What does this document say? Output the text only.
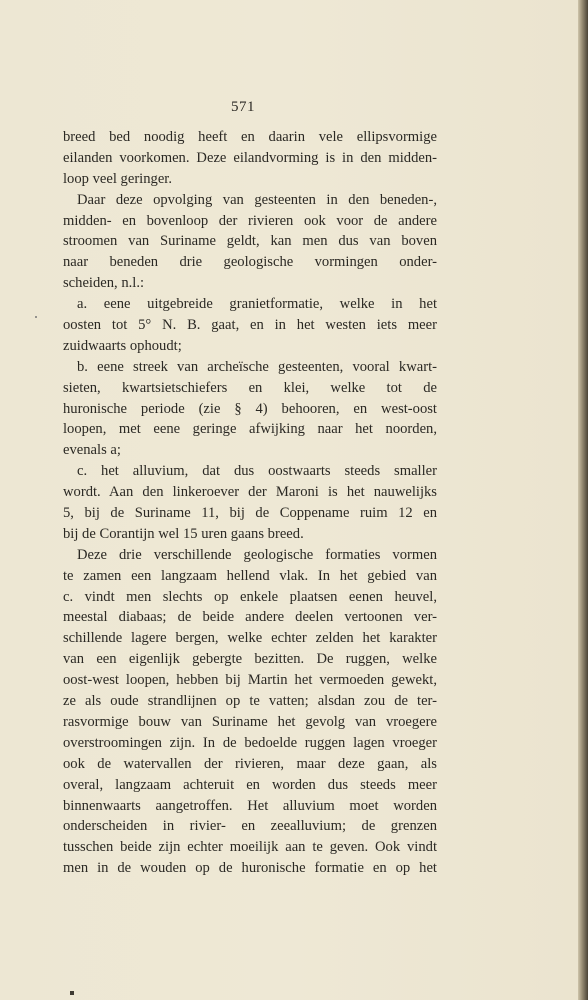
571
breed bed noodig heeft en daarin vele ellipsvormige
eilanden voorkomen. Deze eilandvorming is in den midden-
loop veel geringer.
Daar deze opvolging van gesteenten in den beneden-,
midden- en bovenloop der rivieren ook voor de andere
stroomen van Suriname geldt, kan men dus van boven
naar beneden drie geologische vormingen onder-
scheiden, n.l.:
a. eene uitgebreide granietformatie, welke in het
oosten tot 5° N. B. gaat, en in het westen iets meer
zuidwaarts ophoudt;
b. eene streek van archeïsche gesteenten, vooral kwart-
sieten, kwartsietschiefers en klei, welke tot de
huronische periode (zie § 4) behooren, en west-oost
loopen, met eene geringe afwijking naar het noorden,
evenals a;
c. het alluvium, dat dus oostwaarts steeds smaller
wordt. Aan den linkeroever der Maroni is het nauwelijks
5, bij de Suriname 11, bij de Coppename ruim 12 en
bij de Corantijn wel 15 uren gaans breed.
Deze drie verschillende geologische formaties vormen
te zamen een langzaam hellend vlak. In het gebied van
c. vindt men slechts op enkele plaatsen eenen heuvel,
meestal diabaas; de beide andere deelen vertoonen ver-
schillende lagere bergen, welke echter zelden het karakter
van een eigenlijk gebergte bezitten. De ruggen, welke
oost-west loopen, hebben bij Martin het vermoeden gewekt,
ze als oude strandlijnen op te vatten; alsdan zou de ter-
rasvormige bouw van Suriname het gevolg van vroegere
overstroomingen zijn. In de bedoelde ruggen lagen vroeger
ook de watervallen der rivieren, maar deze gaan, als
overal, langzaam achteruit en worden dus steeds meer
binnenwaarts aangetroffen. Het alluvium moet worden
onderscheiden in rivier- en zeealluvium; de grenzen
tusschen beide zijn echter moeilijk aan te geven. Ook vindt
men in de wouden op de huronische formatie en op het
